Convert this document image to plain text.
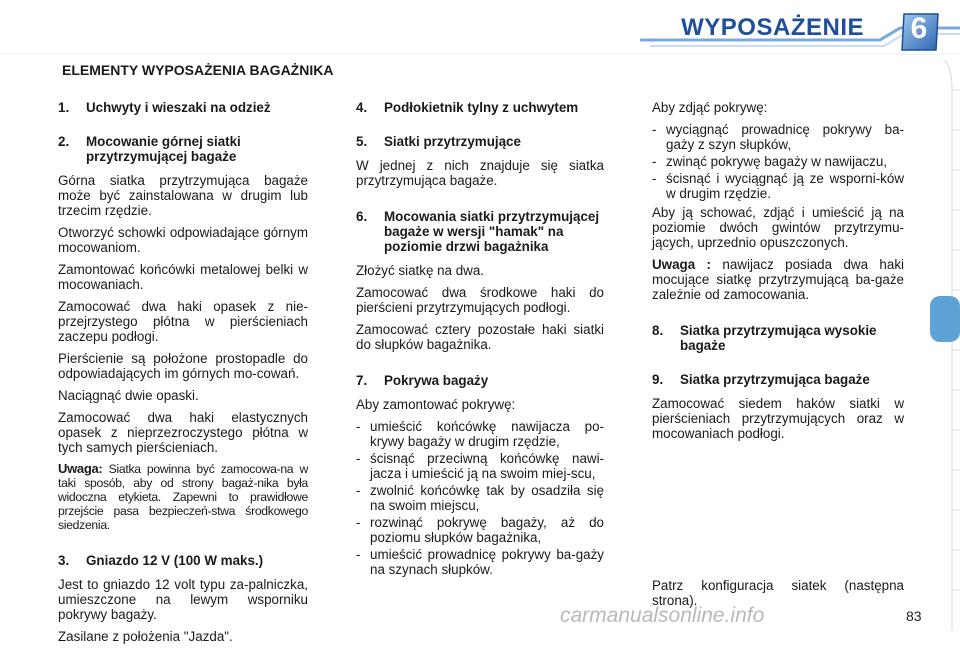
WYPOSAŻENIE 6
ELEMENTY WYPOSAŻENIA BAGAŻNIKA
1.	Uchwyty i wieszaki na odzież
2.	Mocowanie górnej siatki przytrzymującej bagaże

Górna siatka przytrzymująca bagaże może być zainstalowana w drugim lub trzecim rzędzie.

Otworzyć schowki odpowiadające górnym mocowaniom.

Zamontować końcówki metalowej belki w mocowaniach.

Zamocować dwa haki opasek z nie-przejrzystego płótna w pierścieniach zaczepu podłogi.

Pierścienie są położone prostopadle do odpowiadających im górnych mo-cowań.

Naciągnąć dwie opaski.

Zamocować dwa haki elastycznych opasek z nieprzezroczystego płótna w tych samych pierścieniach.

Uwaga: Siatka powinna być zamocowa-na w taki sposób, aby od strony bagaż-nika była widoczna etykieta. Zapewni to prawidłowe przejście pasa bezpieczeń-stwa środkowego siedzenia.

3.	Gniazdo 12 V (100 W maks.)

Jest to gniazdo 12 volt typu za-palniczka, umieszczone na lewym wsporniku pokrywy bagaży.

Zasilane z położenia "Jazda".

4.	Podłokietnik tylny z uchwytem
5.	Siatki przytrzymujące

W jednej z nich znajduje się siatka przytrzymująca bagaże.

6.	Mocowania siatki przytrzymującej bagaże w wersji "hamak" na poziomie drzwi bagażnika

Złożyć siatkę na dwa.

Zamocować dwa środkowe haki do pierścieni przytrzymujących podłogi.

Zamocować cztery pozostałe haki siatki do słupków bagażnika.

7.	Pokrywa bagaży

Aby zamontować pokrywę:

- umieścić końcówkę nawijacza po-krywy bagaży w drugim rzędzie,
- ścisnąć przeciwną końcówkę nawi-jacza i umieścić ją na swoim miej-scu,
- zwolnić końcówkę tak by osadziła się na swoim miejscu,
- rozwinąć pokrywę bagaży, aż do poziomu słupków bagażnika,
- umieścić prowadnicę pokrywy ba-gaży na szynach słupków.

Aby zdjąć pokrywę:

- wyciągnąć prowadnicę pokrywy ba-gaży z szyn słupków,
- zwinąć pokrywę bagaży w nawijaczu,
- ścisnąć i wyciągnąć ją ze wsporni-ków w drugim rzędzie.

Aby ją schować, zdjąć i umieścić ją na poziomie dwóch gwintów przytrzymu-jących, uprzednio opuszczonych.

Uwaga : nawijacz posiada dwa haki mocujące siatkę przytrzymującą ba-gaże zależnie od zamocowania.

8.	Siatka przytrzymująca wysokie bagaże
9.	Siatka przytrzymująca bagaże

Zamocować siedem haków siatki w pierścieniach przytrzymujących oraz w mocowaniach podłogi.

Patrz konfiguracja siatek (następna strona).
carmanualsonline.info	83
